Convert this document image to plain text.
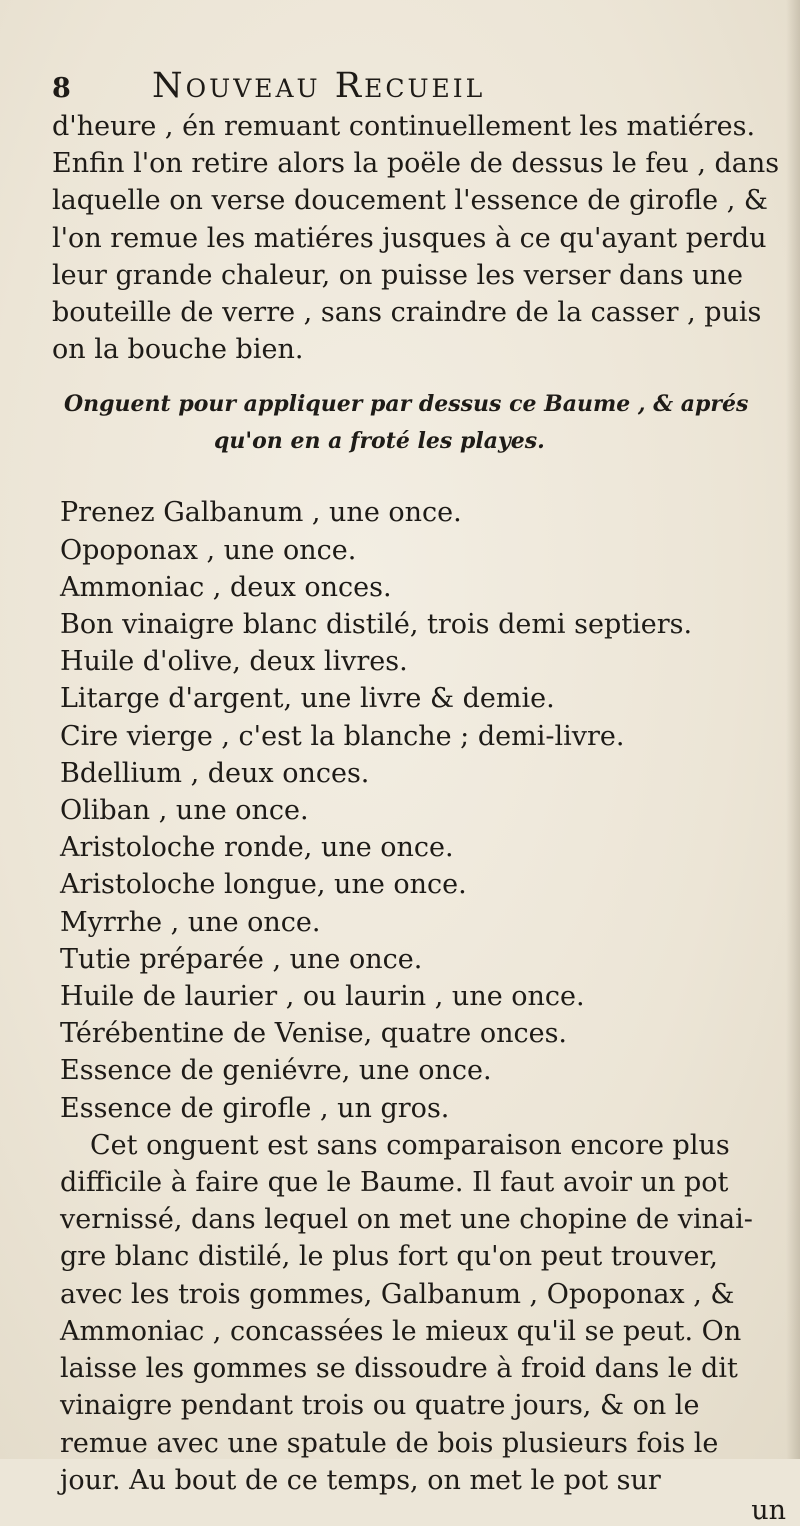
8	Nouveau Recueil

d'heure , én remuant continuellement les matiéres.

Enfin l'on retire alors la poële de dessus le feu , dans

laquelle on verse doucement l'essence de girofle , &

l'on remue les matiéres jusques à ce qu'ayant perdu

leur grande chaleur, on puisse les verser dans une

bouteille de verre , sans craindre de la casser , puis

on la bouche bien.

Onguent pour appliquer par dessus ce Baume , & aprés
qu'on en a froté les playes.
Prenez Galbanum , une once.
Opoponax , une once.
Ammoniac , deux onces.
Bon vinaigre blanc distilé, trois demi septiers.
Huile d'olive, deux livres.
Litarge d'argent, une livre & demie.
Cire vierge , c'est la blanche ; demi-livre.
Bdellium , deux onces.
Oliban , une once.
Aristoloche ronde, une once.
Aristoloche longue, une once.
Myrrhe , une once.
Tutie préparée , une once.
Huile de laurier , ou laurin , une once.
Térébentine de Venise, quatre onces.
Essence de geniévre, une once.
Essence de girofle , un gros.

Cet onguent est sans comparaison encore plus

difficile à faire que le Baume. Il faut avoir un pot

vernissé, dans lequel on met une chopine de vinai-

gre blanc distilé, le plus fort qu'on peut trouver,

avec les trois gommes, Galbanum , Opoponax , &

Ammoniac , concassées le mieux qu'il se peut. On

laisse les gommes se dissoudre à froid dans le dit

vinaigre pendant trois ou quatre jours, & on le

remue avec une spatule de bois plusieurs fois le

jour. Au bout de ce temps, on met le pot sur

un
